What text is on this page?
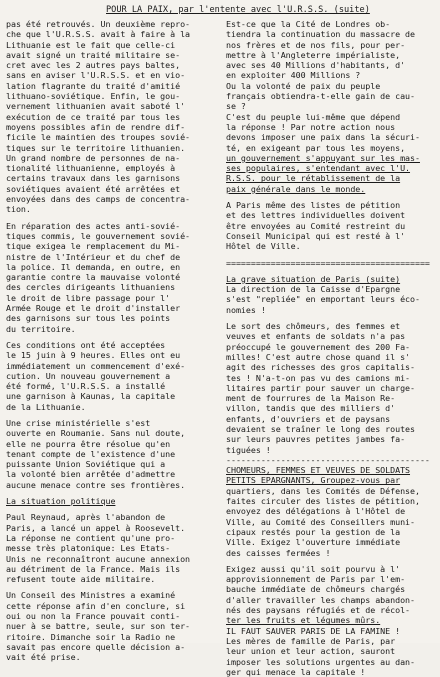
POUR LA PAIX, par l'entente avec l'U.R.S.S. (suite)

pas été retrouvés. Un deuxième repro-

che que l'U.R.S.S. avait à faire à la

Lithuanie est le fait que celle-ci

avait signé un traité militaire se-

cret avec les 2 autres pays baltes,

sans en aviser l'U.R.S.S. et en vio-

lation flagrante du traité d'amitié

lithuano-soviétique. Enfin, le gou-

vernement lithuanien avait saboté l'

exécution de ce traité par tous les

moyens possibles afin de rendre dif-

ficile le maintien des troupes sovié-

tiques sur le territoire lithuanien.

Un grand nombre de personnes de na-

tionalité lithuanienne, employés à

certains travaux dans les garnisons

soviétiques avaient été arrêtées et

envoyées dans des camps de concentra-

tion.

En réparation des actes anti-sovié-

tiques commis, le gouvernement sovié-

tique exigea le remplacement du Mi-

nistre de l'Intérieur et du chef de

la police. Il demanda, en outre, en

garantie contre la mauvaise volonté

des cercles dirigeants lithuaniens

le droit de libre passage pour l'

Armée Rouge et le droit d'installer

des garnisons sur tous les points

du territoire.

Ces conditions ont été acceptées

le 15 juin à 9 heures. Elles ont eu

immédiatement un commencement d'exé-

cution. Un nouveau gouvernement a

été formé, l'U.R.S.S. a installé

une garnison à Kaunas, la capitale

de la Lithuanie.

Une crise ministérielle s'est

ouverte en Roumanie. Sans nul doute,

elle ne pourra être résolue qu'en

tenant compte de l'existence d'une

puissante Union Soviétique qui a

la volonté bien arrêtée d'admettre

aucune menace contre ses frontières.

La situation politique

Paul Reynaud, après l'abandon de

Paris, a lancé un appel à Roosevelt.

La réponse ne contient qu'une pro-

messe très platonique: Les Etats-

Unis ne reconnaîtront aucune annexion

au détriment de la France. Mais ils

refusent toute aide militaire.

Un Conseil des Ministres a examiné

cette réponse afin d'en conclure, si

oui ou non la France pouvait conti-

nuer à se battre, seule, sur son ter-

ritoire. Dimanche soir la Radio ne

savait pas encore quelle décision a-

vait été prise.

Est-ce que la Cité de Londres ob-

tiendra la continuation du massacre de

nos frères et de nos fils, pour per-

mettre à l'Angleterre impérialiste,

avec ses 40 Millions d'habitants, d'

en exploiter 400 Millions ?

Ou la volonté de paix du peuple

français obtiendra-t-elle gain de cau-

se ?

C'est du peuple lui-même que dépend

la réponse ! Par notre action nous

devons imposer une paix dans la sécuri-

té, en exigeant par tous les moyens,

un gouvernement s'appuyant sur les mas-

ses populaires, s'entendant avec l'U.

R.S.S. pour le rétablissement de la

paix générale dans le monde.

A Paris même des listes de pétition

et des lettres individuelles doivent

être envoyées au Comité restreint du

Conseil Municipal qui est resté à l'

Hôtel de Ville.

=========================================

La grave situation de Paris (suite)

La direction de la Caisse d'Epargne

s'est "repliée" en emportant leurs éco-

nomies !

Le sort des chômeurs, des femmes et

veuves et enfants de soldats n'a pas

préoccupé le gouvernement des 200 Fa-

milles! C'est autre chose quand il s'

agit des richesses des gros capitalis-

tes ! N'a-t-on pas vu des camions mi-

litaires partir pour sauver un charge-

ment de fourrures de la Maison Re-

villon, tandis que des milliers d'

enfants, d'ouvriers et de paysans

devaient se traîner le long des routes

sur leurs pauvres petites jambes fa-

tiguées !

-----------------------------------------

CHOMEURS, FEMMES ET VEUVES DE SOLDATS

PETITS EPARGNANTS, Groupez-vous par

quartiers, dans les Comités de Défense,

faites circuler des listes de pétition,

envoyez des délégations à l'Hôtel de

Ville, au Comité des Conseillers muni-

cipaux restés pour la gestion de la

Ville. Exigez l'ouverture immédiate

des caisses fermées !

Exigez aussi qu'il soit pourvu à l'

approvisionnement de Paris par l'em-

bauche immédiate de chômeurs chargés

d'aller travailler les champs abandon-

nés des paysans réfugiés et de récol-

ter les fruits et légumes mûrs.

IL FAUT SAUVER PARIS DE LA FAMINE !

Les mères de famille de Paris, par

leur union et leur action, sauront

imposer les solutions urgentes au dan-

ger qui menace la capitale !
